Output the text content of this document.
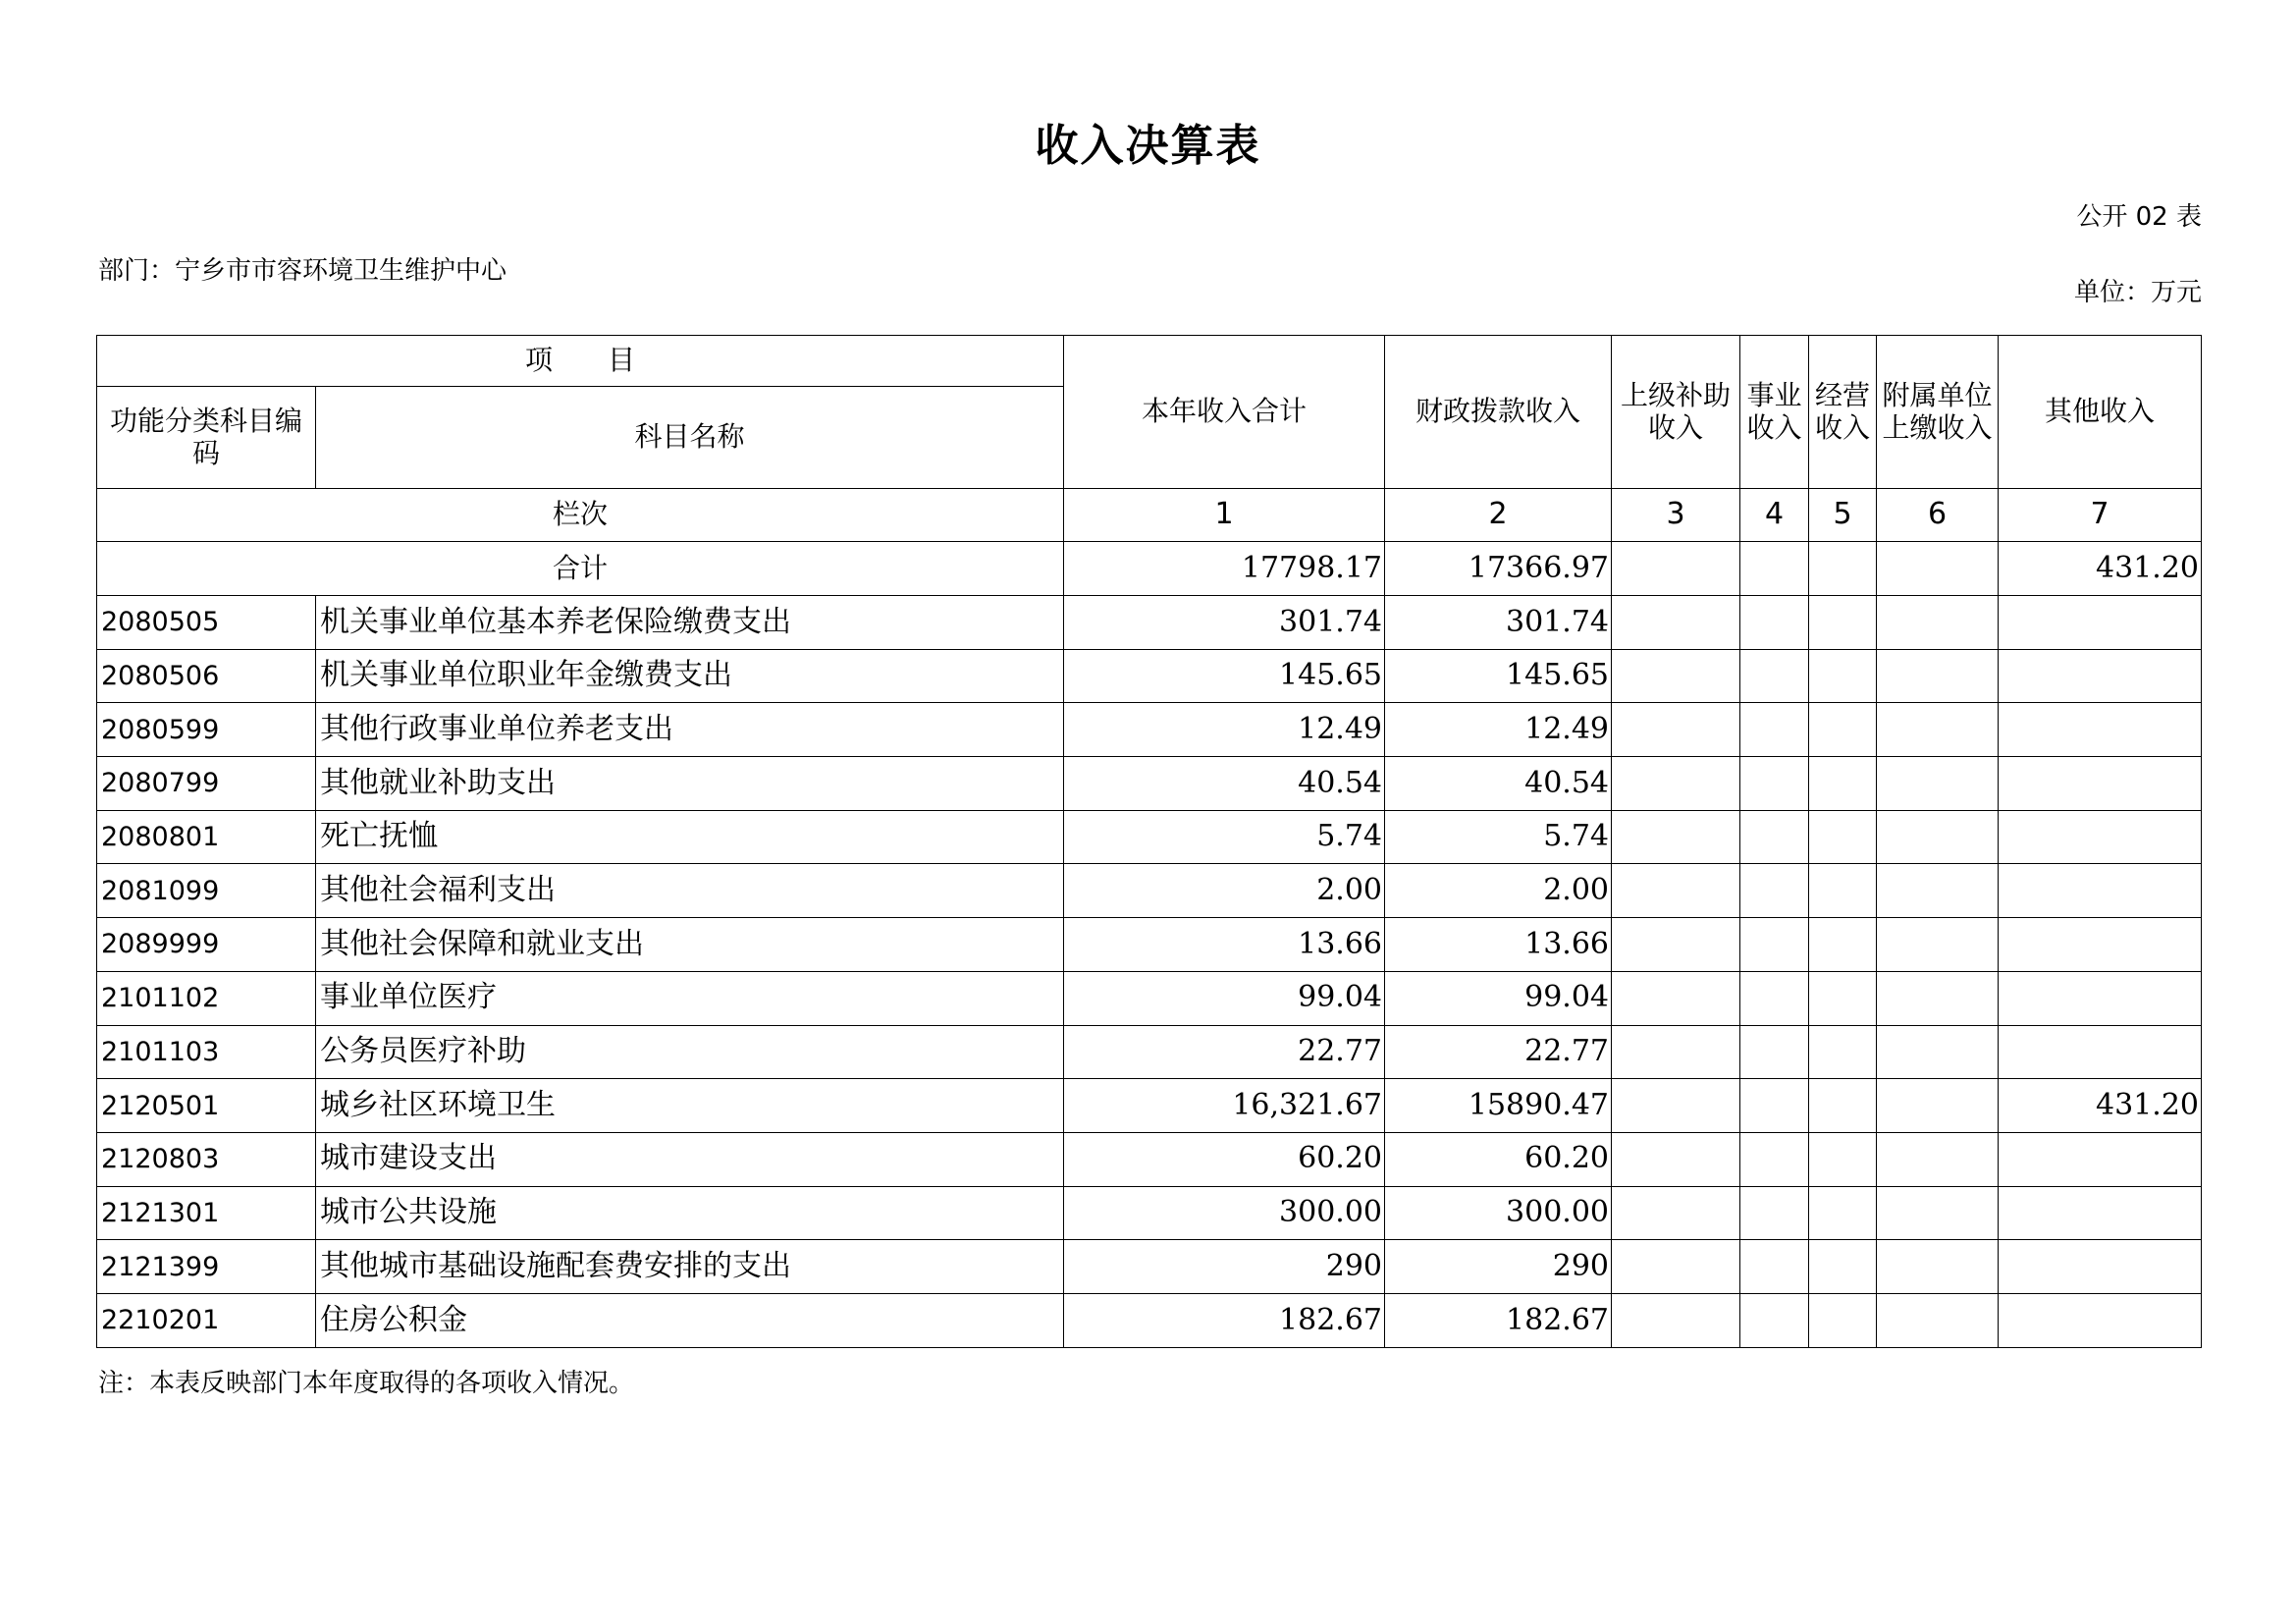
收入决算表
公开 02 表
部门：宁乡市市容环境卫生维护中心
单位：万元
项　　目		本年收入合计	财政拨款收入	上级补助收入	事业收入	经营收入	附属单位上缴收入	其他收入
功能分类科目编码	科目名称							
栏次		1	2	3	4	5	6	7
合计		17798.17	17366.97					431.20
2080505	机关事业单位基本养老保险缴费支出	301.74	301.74					
2080506	机关事业单位职业年金缴费支出	145.65	145.65					
2080599	其他行政事业单位养老支出	12.49	12.49					
2080799	其他就业补助支出	40.54	40.54					
2080801	死亡抚恤	5.74	5.74					
2081099	其他社会福利支出	2.00	2.00					
2089999	其他社会保障和就业支出	13.66	13.66					
2101102	事业单位医疗	99.04	99.04					
2101103	公务员医疗补助	22.77	22.77					
2120501	城乡社区环境卫生	16,321.67	15890.47					431.20
2120803	城市建设支出	60.20	60.20					
2121301	城市公共设施	300.00	300.00					
2121399	其他城市基础设施配套费安排的支出	290	290					
2210201	住房公积金	182.67	182.67					
注：本表反映部门本年度取得的各项收入情况。
